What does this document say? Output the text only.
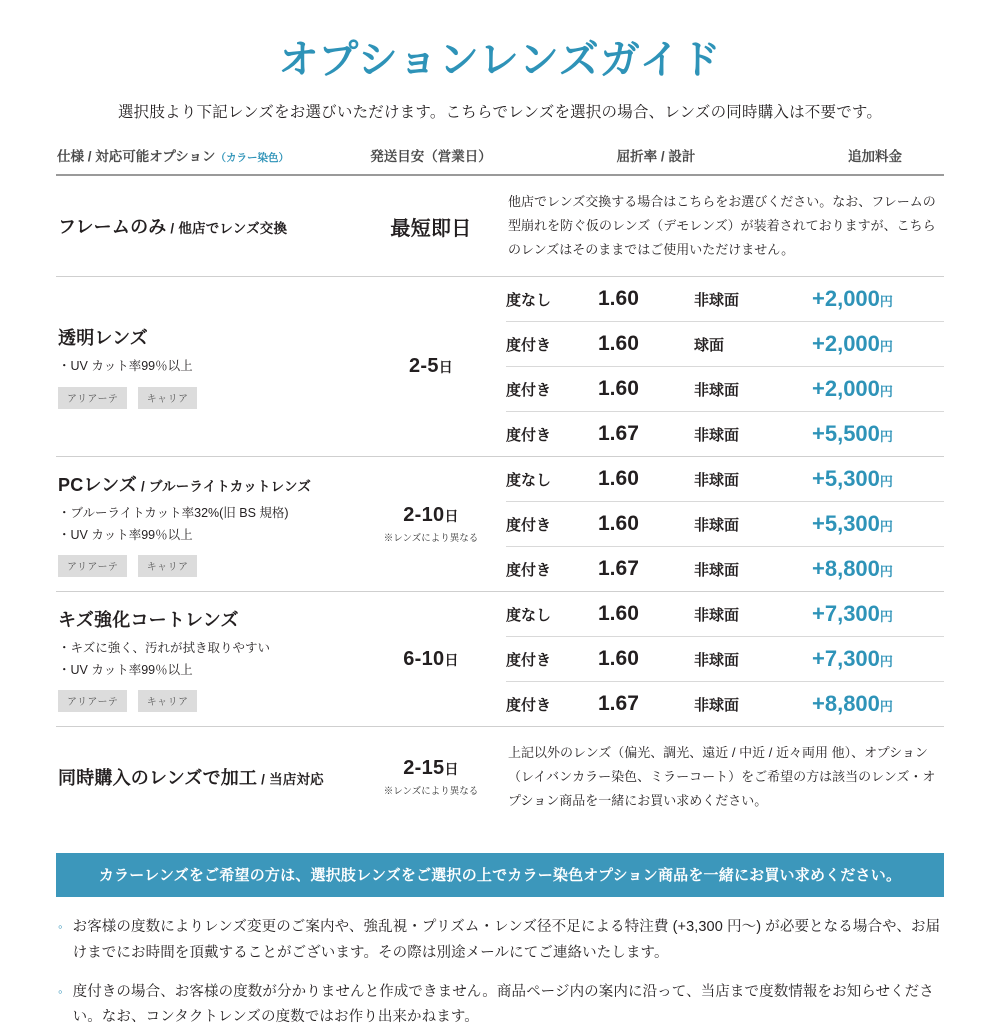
オプションレンズガイド
選択肢より下記レンズをお選びいただけます。こちらでレンズを選択の場合、レンズの同時購入は不要です。
仕様 / 対応可能オプション（カラー染色）	発送目安（営業日）	屈折率 / 設計	追加料金

フレームのみ / 他店でレンズ交換	最短即日

他店でレンズ交換する場合はこちらをお選びください。なお、フレームの型崩れを防ぐ仮のレンズ（デモレンズ）が装着されておりますが、こちらのレンズはそのままではご使用いただけません。

透明レンズ
・UV カット率99％以上
アリアーテ	キャリア

2-5日

度なし	1.60	非球面	+2,000円
度付き	1.60	球面	+2,000円
度付き	1.60	非球面	+2,000円
度付き	1.67	非球面	+5,500円

PCレンズ / ブルーライトカットレンズ
・ブルーライトカット率32%(旧 BS 規格)
・UV カット率99％以上
アリアーテ	キャリア

2-10日
※レンズにより異なる

度なし	1.60	非球面	+5,300円
度付き	1.60	非球面	+5,300円
度付き	1.67	非球面	+8,800円

キズ強化コートレンズ
・キズに強く、汚れが拭き取りやすい
・UV カット率99％以上
アリアーテ	キャリア

6-10日

度なし	1.60	非球面	+7,300円
度付き	1.60	非球面	+7,300円
度付き	1.67	非球面	+8,800円

同時購入のレンズで加工 / 当店対応

2-15日
※レンズにより異なる

上記以外のレンズ（偏光、調光、遠近 / 中近 / 近々両用 他）、オプション（レイバンカラー染色、ミラーコート）をご希望の方は該当のレンズ・オプション商品を一緒にお買い求めください。
カラーレンズをご希望の方は、選択肢レンズをご選択の上でカラー染色オプション商品を一緒にお買い求めください。
◦ お客様の度数によりレンズ変更のご案内や、強乱視・プリズム・レンズ径不足による特注費 (+3,300 円～) が必要となる場合や、お届けまでにお時間を頂戴することがございます。その際は別途メールにてご連絡いたします。
◦ 度付きの場合、お客様の度数が分かりませんと作成できません。商品ページ内の案内に沿って、当店まで度数情報をお知らせください。なお、コンタクトレンズの度数ではお作り出来かねます。
